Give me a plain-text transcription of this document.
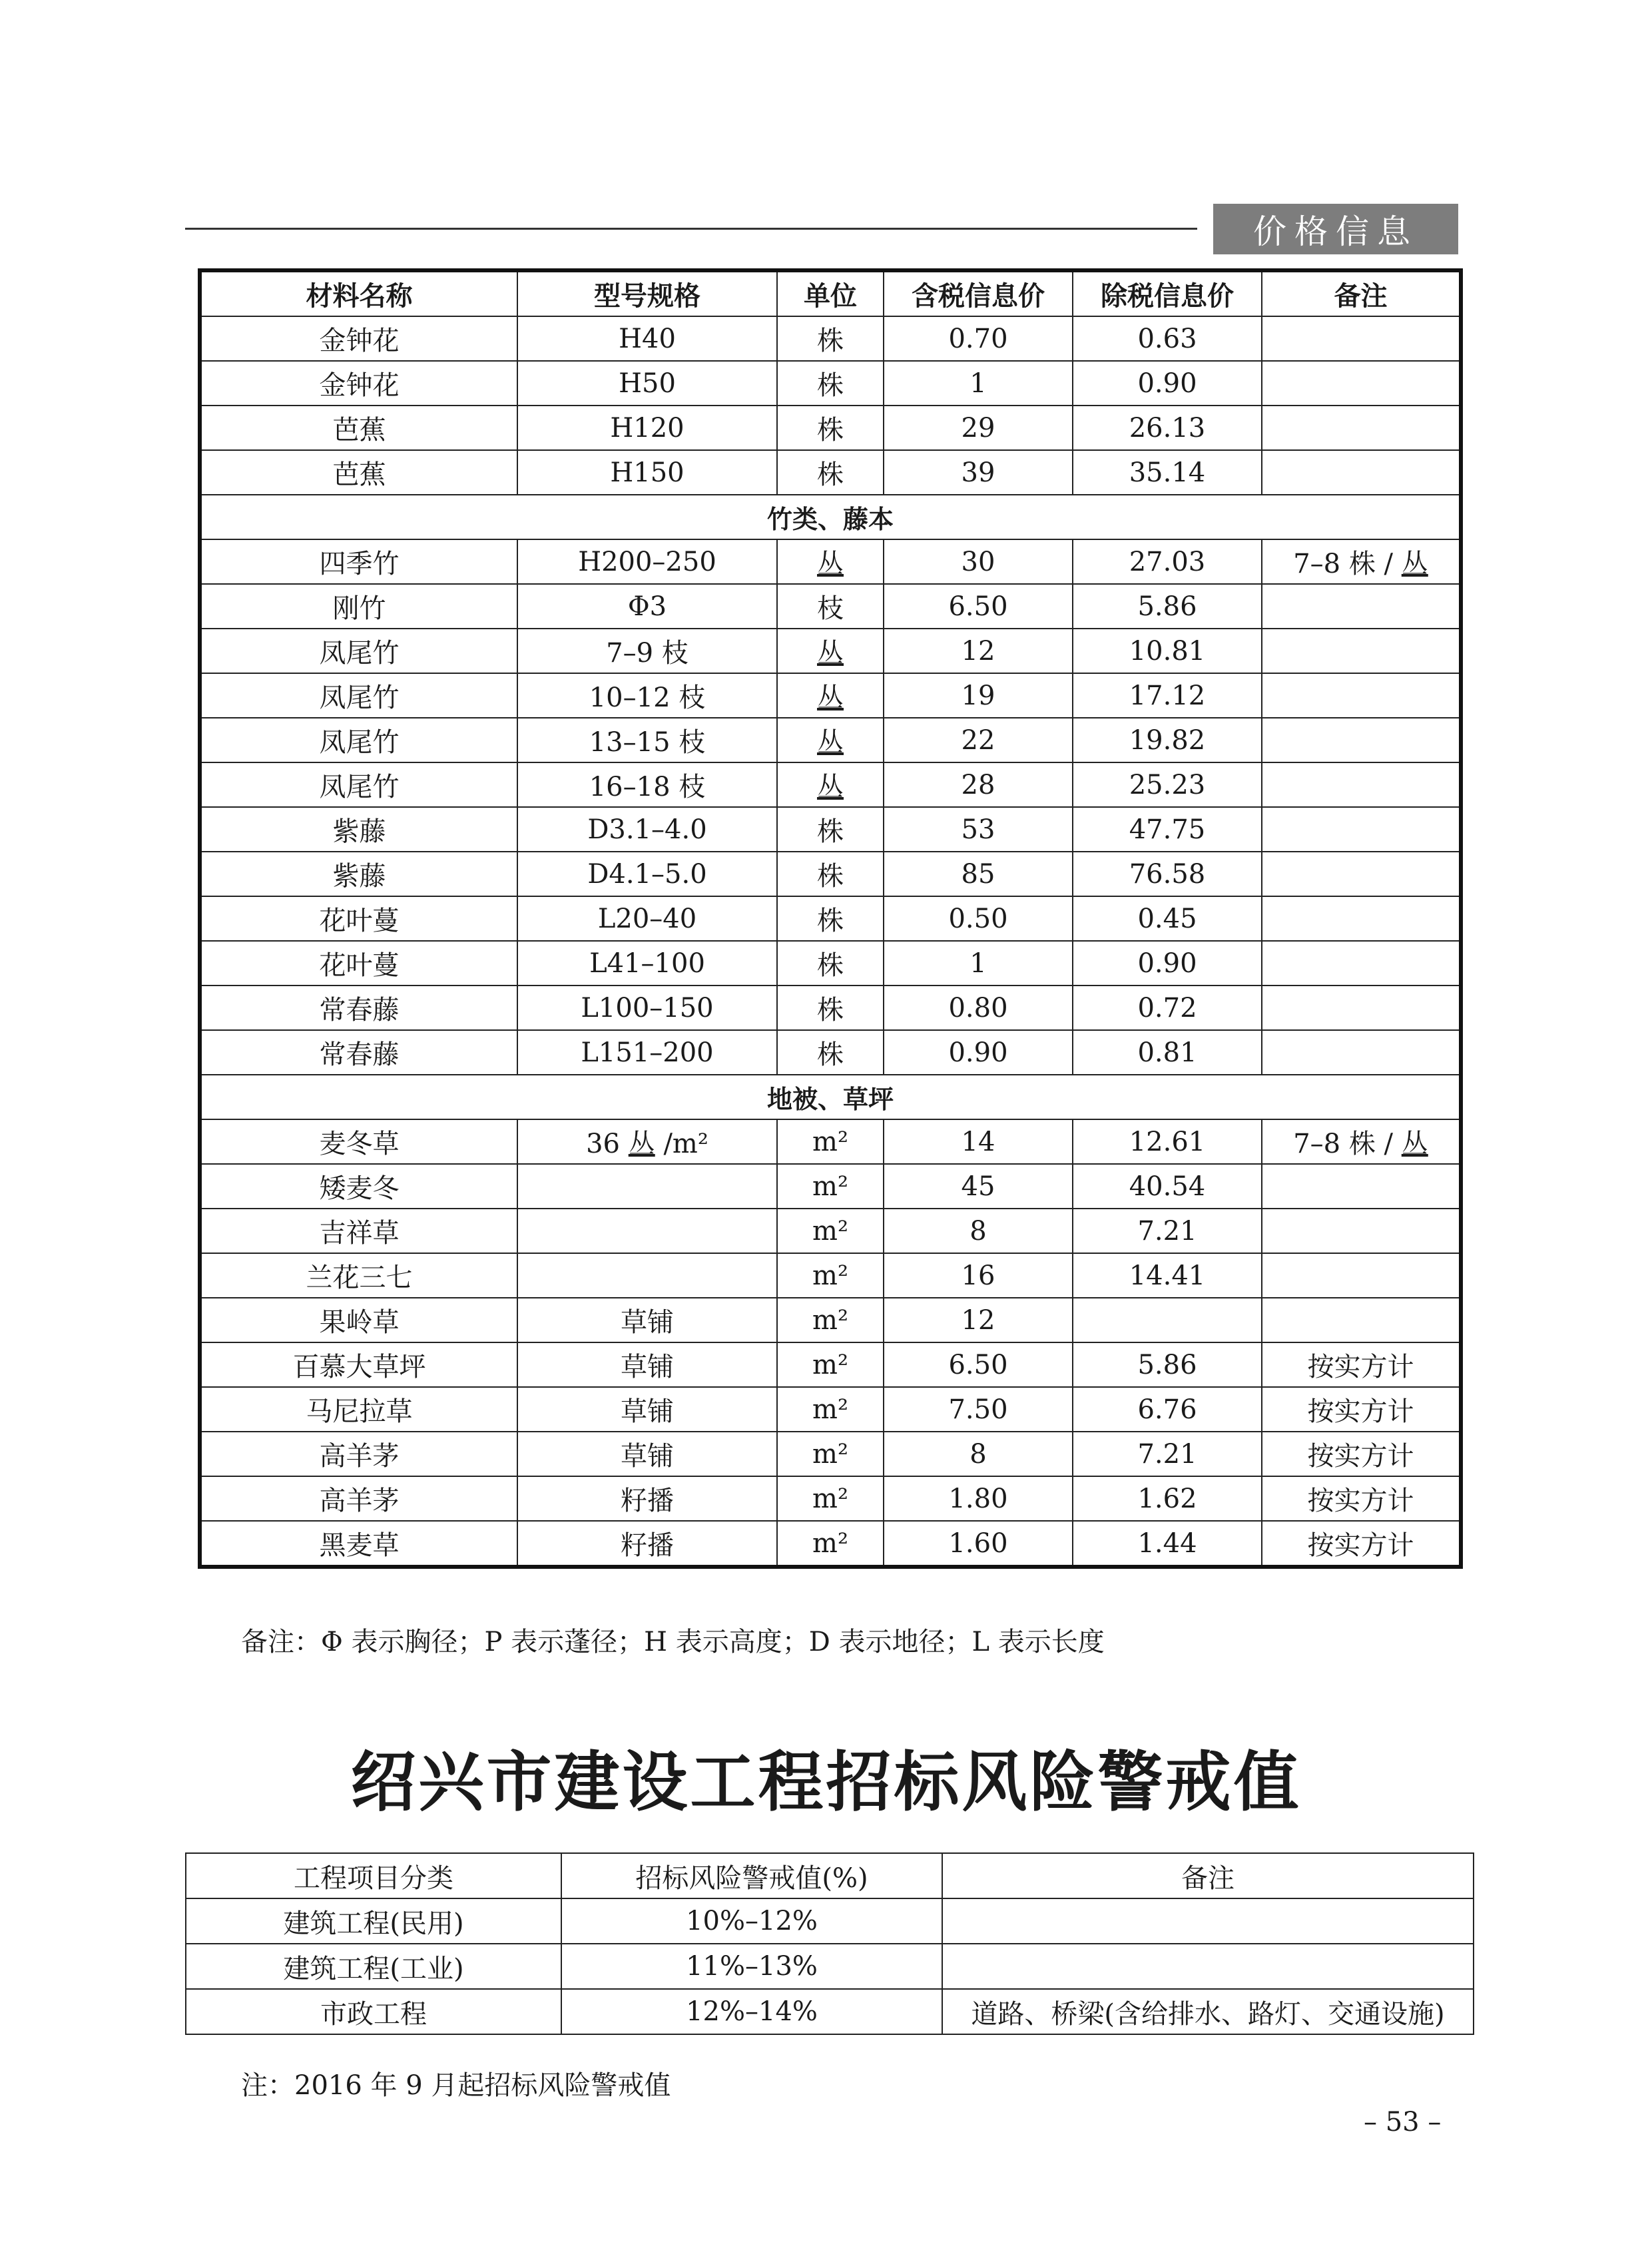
价格信息
材料名称	型号规格	单位	含税信息价	除税信息价	备注
金钟花	H40	株	0.70	0.63	
金钟花	H50	株	1	0.90	
芭蕉	H120	株	29	26.13	
芭蕉	H150	株	39	35.14	
竹类、藤本					
四季竹	H200–250	丛	30	27.03	7–8 株 / 丛
刚竹	Φ3	枝	6.50	5.86	
凤尾竹	7–9 枝	丛	12	10.81	
凤尾竹	10–12 枝	丛	19	17.12	
凤尾竹	13–15 枝	丛	22	19.82	
凤尾竹	16–18 枝	丛	28	25.23	
紫藤	D3.1–4.0	株	53	47.75	
紫藤	D4.1–5.0	株	85	76.58	
花叶蔓	L20–40	株	0.50	0.45	
花叶蔓	L41–100	株	1	0.90	
常春藤	L100–150	株	0.80	0.72	
常春藤	L151–200	株	0.90	0.81	
地被、草坪					
麦冬草	36 丛 /m²	m²	14	12.61	7–8 株 / 丛
矮麦冬		m²	45	40.54	
吉祥草		m²	8	7.21	
兰花三七		m²	16	14.41	
果岭草	草铺	m²	12		
百慕大草坪	草铺	m²	6.50	5.86	按实方计
马尼拉草	草铺	m²	7.50	6.76	按实方计
高羊茅	草铺	m²	8	7.21	按实方计
高羊茅	籽播	m²	1.80	1.62	按实方计
黑麦草	籽播	m²	1.60	1.44	按实方计
备注：Φ 表示胸径；P 表示蓬径；H 表示高度；D 表示地径；L 表示长度
绍兴市建设工程招标风险警戒值
工程项目分类	招标风险警戒值(%)	备注
建筑工程(民用)	10%–12%	
建筑工程(工业)	11%–13%	
市政工程	12%–14%	道路、桥梁(含给排水、路灯、交通设施)
注：2016 年 9 月起招标风险警戒值
– 53 –
